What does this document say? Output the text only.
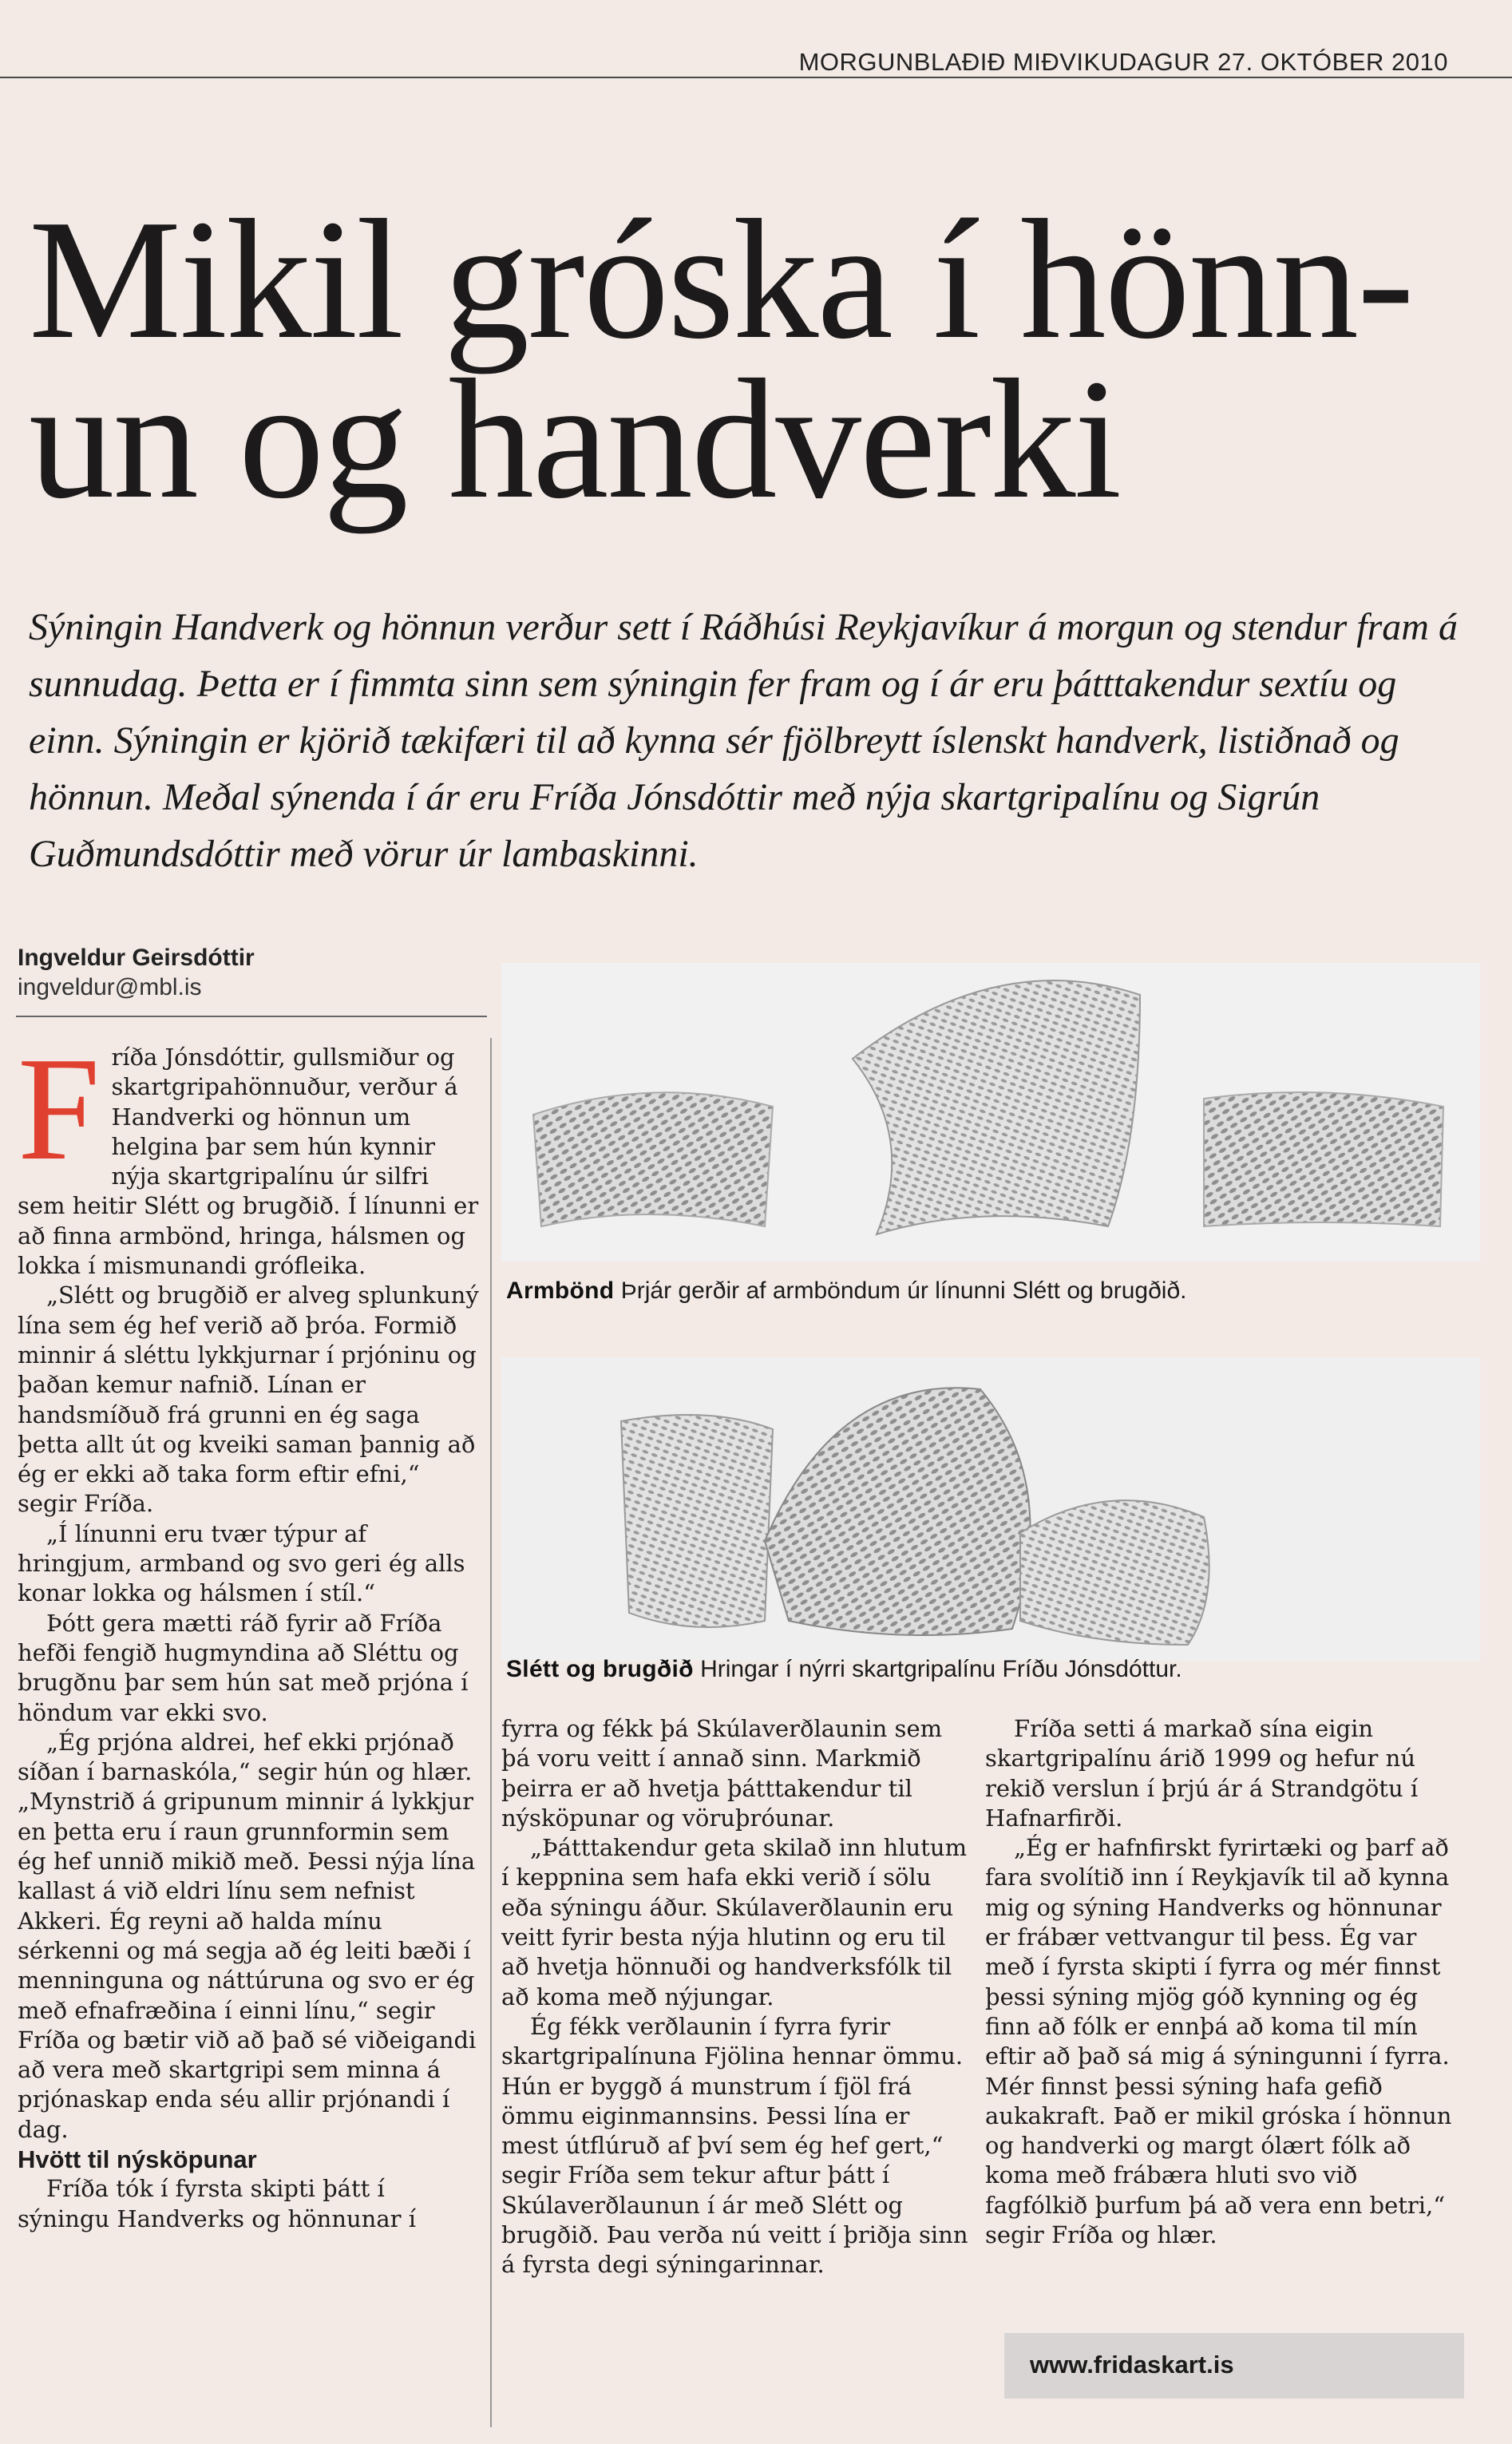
MORGUNBLAÐIÐ MIÐVIKUDAGUR 27. OKTÓBER 2010
Mikil gróska í hönn-
un og handverki
Sýningin Handverk og hönnun verður sett í Ráðhúsi Reykjavíkur á morgun og stendur fram á sunnudag. Þetta er í fimmta sinn sem sýningin fer fram og í ár eru þátttakendur sextíu og einn. Sýningin er kjörið tækifæri til að kynna sér fjölbreytt íslenskt handverk, listiðnað og hönnun. Meðal sýnenda í ár eru Fríða Jónsdóttir með nýja skartgripalínu og Sigrún Guðmundsdóttir með vörur úr lambaskinni.
Ingveldur Geirsdóttir
ingveldur@mbl.is

Fríða Jónsdóttir, gullsmiður og skartgripahönnuður, verður á Handverki og hönnun um helgina þar sem hún kynnir nýja skartgripalínu úr silfri sem heitir Slétt og brugðið. Í línunni er að finna armbönd, hringa, hálsmen og lokka í mismunandi grófleika.

„Slétt og brugðið er alveg splunkuný lína sem ég hef verið að þróa. Formið minnir á sléttu lykkjurnar í prjóninu og þaðan kemur nafnið. Línan er handsmíðuð frá grunni en ég saga þetta allt út og kveiki saman þannig að ég er ekki að taka form eftir efni,“ segir Fríða.

„Í línunni eru tvær týpur af hringjum, armband og svo geri ég alls konar lokka og hálsmen í stíl.“

Þótt gera mætti ráð fyrir að Fríða hefði fengið hugmyndina að Sléttu og brugðnu þar sem hún sat með prjóna í höndum var ekki svo.

„Ég prjóna aldrei, hef ekki prjónað síðan í barnaskóla,“ segir hún og hlær. „Mynstrið á gripunum minnir á lykkjur en þetta eru í raun grunnformin sem ég hef unnið mikið með. Þessi nýja lína kallast á við eldri línu sem nefnist Akkeri. Ég reyni að halda mínu sérkenni og má segja að ég leiti bæði í menninguna og náttúruna og svo er ég með efnafræðina í einni línu,“ segir Fríða og bætir við að það sé viðeigandi að vera með skartgripi sem minna á prjónaskap enda séu allir prjónandi í dag.

Hvött til nýsköpunar

Fríða tók í fyrsta skipti þátt í sýningu Handverks og hönnunar í

Armbönd Þrjár gerðir af armböndum úr línunni Slétt og brugðið.
Slétt og brugðið Hringar í nýrri skartgripalínu Fríðu Jónsdóttur.

fyrra og fékk þá Skúlaverðlaunin sem þá voru veitt í annað sinn. Markmið þeirra er að hvetja þátttakendur til nýsköpunar og vöruþróunar.

„Þátttakendur geta skilað inn hlutum í keppnina sem hafa ekki verið í sölu eða sýningu áður. Skúlaverðlaunin eru veitt fyrir besta nýja hlutinn og eru til að hvetja hönnuði og handverksfólk til að koma með nýjungar.

Ég fékk verðlaunin í fyrra fyrir skartgripalínuna Fjölina hennar ömmu. Hún er byggð á munstrum í fjöl frá ömmu eiginmannsins. Þessi lína er mest útflúruð af því sem ég hef gert,“ segir Fríða sem tekur aftur þátt í Skúlaverðlaunun í ár með Slétt og brugðið. Þau verða nú veitt í þriðja sinn á fyrsta degi sýningarinnar.

Fríða setti á markað sína eigin skartgripalínu árið 1999 og hefur nú rekið verslun í þrjú ár á Strandgötu í Hafnarfirði.

„Ég er hafnfirskt fyrirtæki og þarf að fara svolítið inn í Reykjavík til að kynna mig og sýning Handverks og hönnunar er frábær vettvangur til þess. Ég var með í fyrsta skipti í fyrra og mér finnst þessi sýning mjög góð kynning og ég finn að fólk er ennþá að koma til mín eftir að það sá mig á sýningunni í fyrra. Mér finnst þessi sýning hafa gefið aukakraft. Það er mikil gróska í hönnun og handverki og margt ólært fólk að koma með frábæra hluti svo við fagfólkið þurfum þá að vera enn betri,“ segir Fríða og hlær.

www.fridaskart.is
